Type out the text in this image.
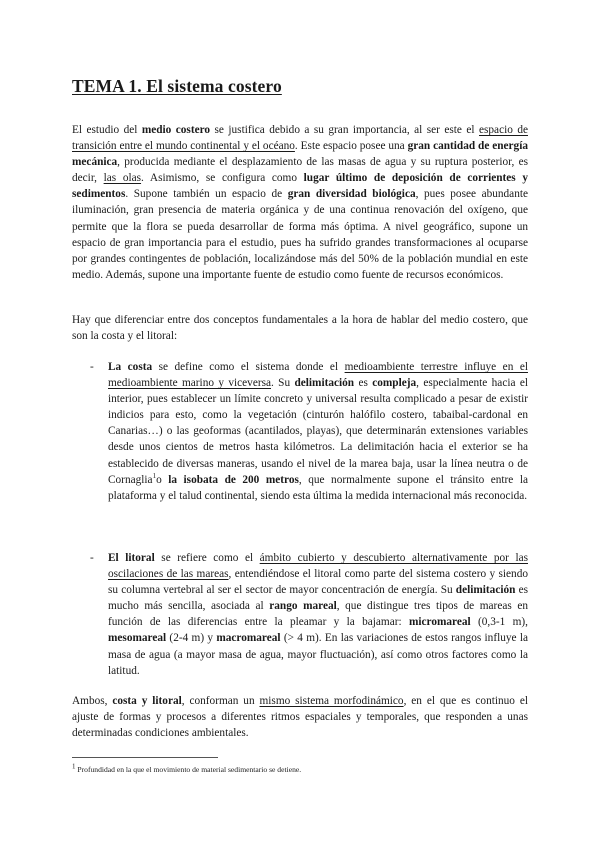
TEMA 1. El sistema costero

El estudio del medio costero se justifica debido a su gran importancia, al ser este el espacio de transición entre el mundo continental y el océano. Este espacio posee una gran cantidad de energía mecánica, producida mediante el desplazamiento de las masas de agua y su ruptura posterior, es decir, las olas. Asimismo, se configura como lugar último de deposición de corrientes y sedimentos. Supone también un espacio de gran diversidad biológica, pues posee abundante iluminación, gran presencia de materia orgánica y de una continua renovación del oxígeno, que permite que la flora se pueda desarrollar de forma más óptima. A nivel geográfico, supone un espacio de gran importancia para el estudio, pues ha sufrido grandes transformaciones al ocuparse por grandes contingentes de población, localizándose más del 50% de la población mundial en este medio. Además, supone una importante fuente de estudio como fuente de recursos económicos.

Hay que diferenciar entre dos conceptos fundamentales a la hora de hablar del medio costero, que son la costa y el litoral:

-	La costa se define como el sistema donde el medioambiente terrestre influye en el medioambiente marino y viceversa. Su delimitación es compleja, especialmente hacia el interior, pues establecer un límite concreto y universal resulta complicado a pesar de existir indicios para esto, como la vegetación (cinturón halófilo costero, tabaibal-cardonal en Canarias…) o las geoformas (acantilados, playas), que determinarán extensiones variables desde unos cientos de metros hasta kilómetros. La delimitación hacia el exterior se ha establecido de diversas maneras, usando el nivel de la marea baja, usar la línea neutra o de Cornaglia$^1$o la isobata de 200 metros, que normalmente supone el tránsito entre la plataforma y el talud continental, siendo esta última la medida internacional más reconocida.

-	El litoral se refiere como el ámbito cubierto y descubierto alternativamente por las oscilaciones de las mareas, entendiéndose el litoral como parte del sistema costero y siendo su columna vertebral al ser el sector de mayor concentración de energía. Su delimitación es mucho más sencilla, asociada al rango mareal, que distingue tres tipos de mareas en función de las diferencias entre la pleamar y la bajamar: micromareal (0,3-1 m), mesomareal (2-4 m) y macromareal (> 4 m). En las variaciones de estos rangos influye la masa de agua (a mayor masa de agua, mayor fluctuación), así como otros factores como la latitud.

Ambos, costa y litoral, conforman un mismo sistema morfodinámico, en el que es continuo el ajuste de formas y procesos a diferentes ritmos espaciales y temporales, que responden a unas determinadas condiciones ambientales.

$^1$ Profundidad en la que el movimiento de material sedimentario se detiene.
